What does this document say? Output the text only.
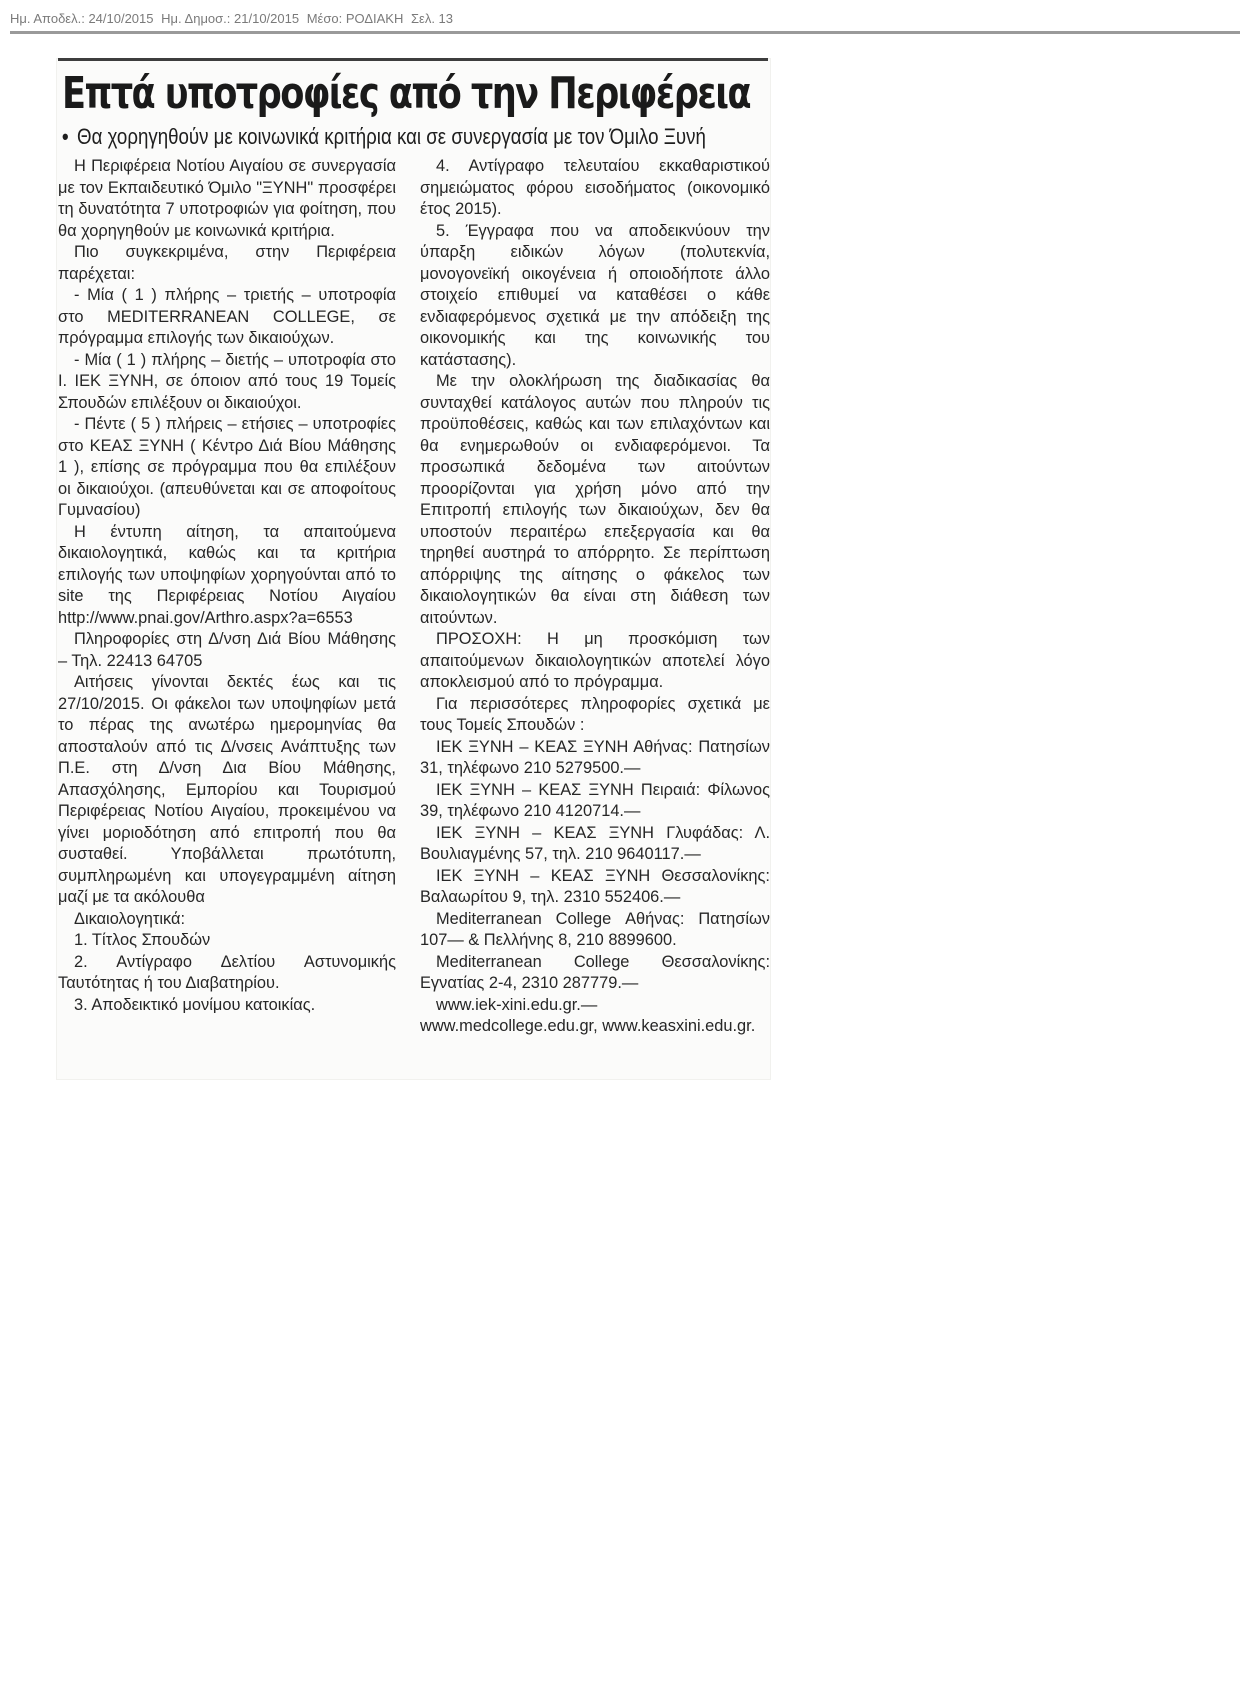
Ημ. Αποδελ.: 24/10/2015 Ημ. Δημοσ.: 21/10/2015 Μέσο: ΡΟΔΙΑΚΗ Σελ. 13
Επτά υποτροφίες από την Περιφέρεια

• Θα χορηγηθούν με κοινωνικά κριτήρια και σε συνεργασία με τον Όμιλο Ξυνή

Η Περιφέρεια Νοτίου Αιγαίου σε συνεργασία με τον Εκπαιδευτικό Όμιλο "ΞΥΝΗ" προσφέρει τη δυνατότητα 7 υποτροφιών για φοίτηση, που θα χορηγηθούν με κοινωνικά κριτήρια.

Πιο συγκεκριμένα, στην Περιφέρεια παρέχεται:

- Μία ( 1 ) πλήρης – τριετής – υποτροφία στο MEDITERRANEAN COLLEGE, σε πρόγραμμα επιλογής των δικαιούχων.

- Μία ( 1 ) πλήρης – διετής – υποτροφία στο Ι. ΙΕΚ ΞΥΝΗ, σε όποιον από τους 19 Τομείς Σπουδών επιλέξουν οι δικαιούχοι.

- Πέντε ( 5 ) πλήρεις – ετήσιες – υποτροφίες στο ΚΕΑΣ ΞΥΝΗ ( Κέντρο Διά Βίου Μάθησης 1 ), επίσης σε πρόγραμμα που θα επιλέξουν οι δικαιούχοι. (απευθύνεται και σε αποφοίτους Γυμνασίου)

Η έντυπη αίτηση, τα απαιτούμενα δικαιολογητικά, καθώς και τα κριτήρια επιλογής των υποψηφίων χορηγούνται από το site της Περιφέρειας Νοτίου Αιγαίου http://www.pnai.gov/Arthro.aspx?a=6553

Πληροφορίες στη Δ/νση Διά Βίου Μάθησης – Τηλ. 22413 64705

Αιτήσεις γίνονται δεκτές έως και τις 27/10/2015. Οι φάκελοι των υποψηφίων μετά το πέρας της ανωτέρω ημερομηνίας θα αποσταλούν από τις Δ/νσεις Ανάπτυξης των Π.Ε. στη Δ/νση Δια Βίου Μάθησης, Απασχόλησης, Εμπορίου και Τουρισμού Περιφέρειας Νοτίου Αιγαίου, προκειμένου να γίνει μοριοδότηση από επιτροπή που θα συσταθεί. Υποβάλλεται πρωτότυπη, συμπληρωμένη και υπογεγραμμένη αίτηση μαζί με τα ακόλουθα

Δικαιολογητικά:

1. Τίτλος Σπουδών

2. Αντίγραφο Δελτίου Αστυνομικής Ταυτότητας ή του Διαβατηρίου.

3. Αποδεικτικό μονίμου κατοικίας.

4. Αντίγραφο τελευταίου εκκαθαριστικού σημειώματος φόρου εισοδήματος (οικονομικό έτος 2015).

5. Έγγραφα που να αποδεικνύουν την ύπαρξη ειδικών λόγων (πολυτεκνία, μονογονεϊκή οικογένεια ή οποιοδήποτε άλλο στοιχείο επιθυμεί να καταθέσει ο κάθε ενδιαφερόμενος σχετικά με την απόδειξη της οικονομικής και της κοινωνικής του κατάστασης).

Με την ολοκλήρωση της διαδικασίας θα συνταχθεί κατάλογος αυτών που πληρούν τις προϋποθέσεις, καθώς και των επιλαχόντων και θα ενημερωθούν οι ενδιαφερόμενοι. Τα προσωπικά δεδομένα των αιτούντων προορίζονται για χρήση μόνο από την Επιτροπή επιλογής των δικαιούχων, δεν θα υποστούν περαιτέρω επεξεργασία και θα τηρηθεί αυστηρά το απόρρητο. Σε περίπτωση απόρριψης της αίτησης ο φάκελος των δικαιολογητικών θα είναι στη διάθεση των αιτούντων.

ΠΡΟΣΟΧΗ: Η μη προσκόμιση των απαιτούμενων δικαιολογητικών αποτελεί λόγο αποκλεισμού από το πρόγραμμα.

Για περισσότερες πληροφορίες σχετικά με τους Τομείς Σπουδών :

ΙΕΚ ΞΥΝΗ – ΚΕΑΣ ΞΥΝΗ Αθήνας: Πατησίων 31, τηλέφωνο 210 5279500.—

ΙΕΚ ΞΥΝΗ – ΚΕΑΣ ΞΥΝΗ Πειραιά: Φίλωνος 39, τηλέφωνο 210 4120714.—

ΙΕΚ ΞΥΝΗ – ΚΕΑΣ ΞΥΝΗ Γλυφάδας: Λ. Βουλιαγμένης 57, τηλ. 210 9640117.—

ΙΕΚ ΞΥΝΗ – ΚΕΑΣ ΞΥΝΗ Θεσσαλονίκης: Βαλαωρίτου 9, τηλ. 2310 552406.—

Mediterranean College Αθήνας: Πατησίων 107— & Πελλήνης 8, 210 8899600.

Mediterranean College Θεσσαλονίκης: Εγνατίας 2-4, 2310 287779.—

www.iek-xini.edu.gr.— www.medcollege.edu.gr, www.keasxini.edu.gr.
